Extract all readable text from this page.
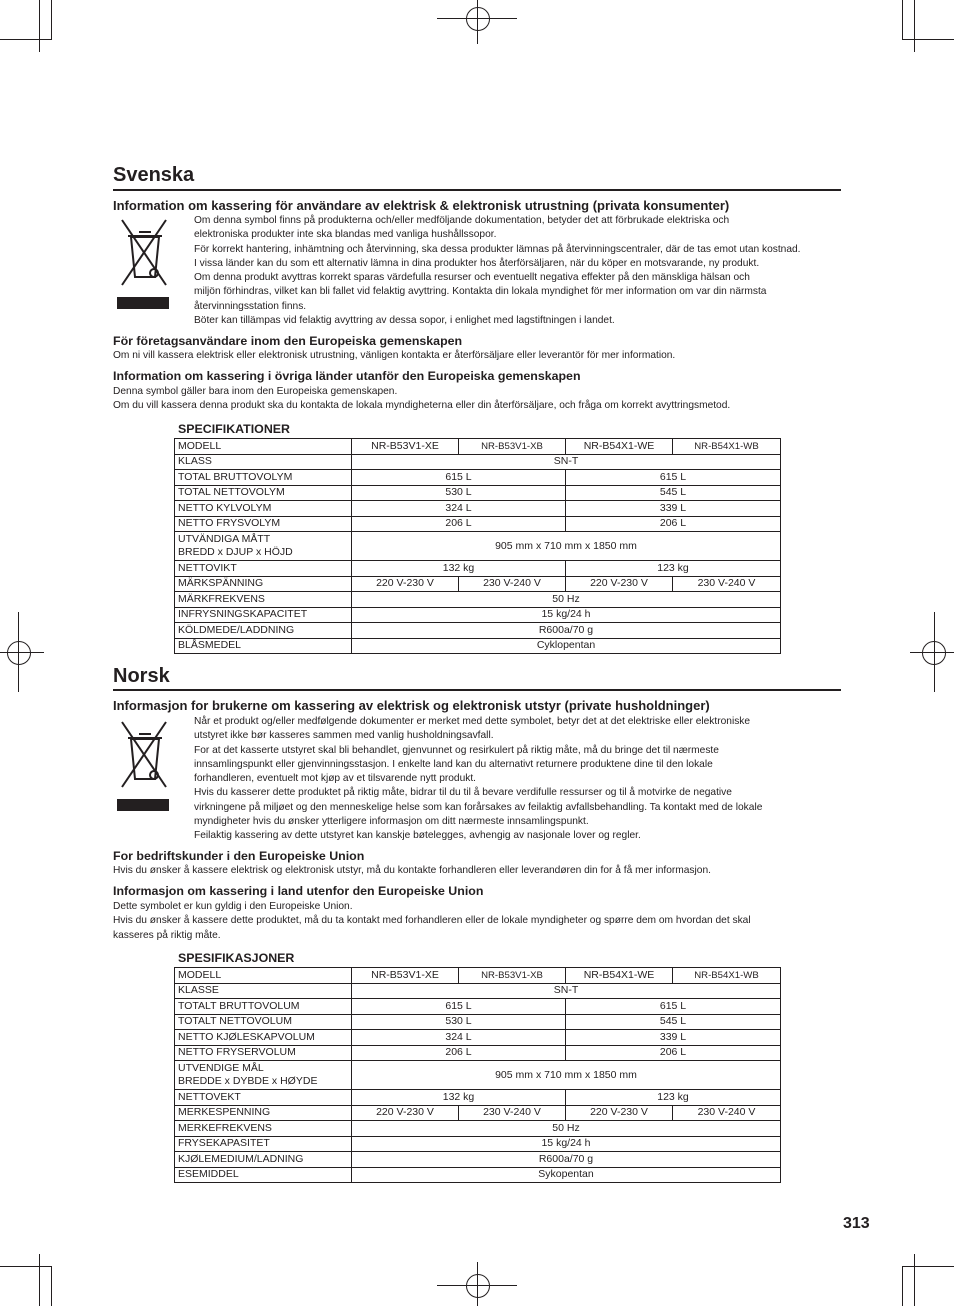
Svenska
Information om kassering för användare av elektrisk & elektronisk utrustning (privata konsumenter)
Om denna symbol finns på produkterna och/eller medföljande dokumentation, betyder det att förbrukade elektriska och
elektroniska produkter inte ska blandas med vanliga hushållssopor.
För korrekt hantering, inhämtning och återvinning, ska dessa produkter lämnas på återvinningscentraler, där de tas emot utan kostnad.
I vissa länder kan du som ett alternativ lämna in dina produkter hos återförsäljaren, när du köper en motsvarande, ny produkt.
Om denna produkt avyttras korrekt sparas värdefulla resurser och eventuellt negativa effekter på den mänskliga hälsan och
miljön förhindras, vilket kan bli fallet vid felaktig avyttring. Kontakta din lokala myndighet för mer information om var din närmsta
återvinningsstation finns.
Böter kan tillämpas vid felaktig avyttring av dessa sopor, i enlighet med lagstiftningen i landet.
För företagsanvändare inom den Europeiska gemenskapen
Om ni vill kassera elektrisk eller elektronisk utrustning, vänligen kontakta er återförsäljare eller leverantör för mer information.
Information om kassering i övriga länder utanför den Europeiska gemenskapen
Denna symbol gäller bara inom den Europeiska gemenskapen.
Om du vill kassera denna produkt ska du kontakta de lokala myndigheterna eller din återförsäljare, och fråga om korrekt avyttringsmetod.
SPECIFIKATIONER
MODELL	NR-B53V1-XE	NR-B53V1-XB	NR-B54X1-WE	NR-B54X1-WB
KLASS	SN-T			
TOTAL BRUTTOVOLYM	615 L		615 L	
TOTAL NETTOVOLYM	530 L		545 L	
NETTO KYLVOLYM	324 L		339 L	
NETTO FRYSVOLYM	206 L		206 L	

UTVÄNDIGA MÅTT
BREDD x DJUP x HÖJD	905 mm x 710 mm x 1850 mm			
NETTOVIKT	132 kg		123 kg	
MÄRKSPÄNNING	220 V-230 V	230 V-240 V	220 V-230 V	230 V-240 V
MÄRKFREKVENS	50 Hz			
INFRYSNINGSKAPACITET	15 kg/24 h			
KÖLDMEDE/LADDNING	R600a/70 g			
BLÅSMEDEL	Cyklopentan			
Norsk
Informasjon for brukerne om kassering av elektrisk og elektronisk utstyr (private husholdninger)
Når et produkt og/eller medfølgende dokumenter er merket med dette symbolet, betyr det at det elektriske eller elektroniske
utstyret ikke bør kasseres sammen med vanlig husholdningsavfall.
For at det kasserte utstyret skal bli behandlet, gjenvunnet og resirkulert på riktig måte, må du bringe det til nærmeste
innsamlingspunkt eller gjenvinningsstasjon. I enkelte land kan du alternativt returnere produktene dine til den lokale
forhandleren, eventuelt mot kjøp av et tilsvarende nytt produkt.
Hvis du kasserer dette produktet på riktig måte, bidrar til du til å bevare verdifulle ressurser og til å motvirke de negative
virkningene på miljøet og den menneskelige helse som kan forårsakes av feilaktig avfallsbehandling. Ta kontakt med de lokale
myndigheter hvis du ønsker ytterligere informasjon om ditt nærmeste innsamlingspunkt.
Feilaktig kassering av dette utstyret kan kanskje bøtelegges, avhengig av nasjonale lover og regler.
For bedriftskunder i den Europeiske Union
Hvis du ønsker å kassere elektrisk og elektronisk utstyr, må du kontakte forhandleren eller leverandøren din for å få mer informasjon.
Informasjon om kassering i land utenfor den Europeiske Union
Dette symbolet er kun gyldig i den Europeiske Union.
Hvis du ønsker å kassere dette produktet, må du ta kontakt med forhandleren eller de lokale myndigheter og spørre dem om hvordan det skal
kasseres på riktig måte.
SPESIFIKASJONER
MODELL	NR-B53V1-XE	NR-B53V1-XB	NR-B54X1-WE	NR-B54X1-WB
KLASSE	SN-T			
TOTALT BRUTTOVOLUM	615 L		615 L	
TOTALT NETTOVOLUM	530 L		545 L	
NETTO KJØLESKAPVOLUM	324 L		339 L	
NETTO FRYSERVOLUM	206 L		206 L	

UTVENDIGE MÅL
BREDDE x DYBDE x HØYDE	905 mm x 710 mm x 1850 mm			
NETTOVEKT	132 kg		123 kg	
MERKESPENNING	220 V-230 V	230 V-240 V	220 V-230 V	230 V-240 V
MERKEFREKVENS	50 Hz			
FRYSEKAPASITET	15 kg/24 h			
KJØLEMEDIUM/LADNING	R600a/70 g			
ESEMIDDEL	Sykopentan			
313
